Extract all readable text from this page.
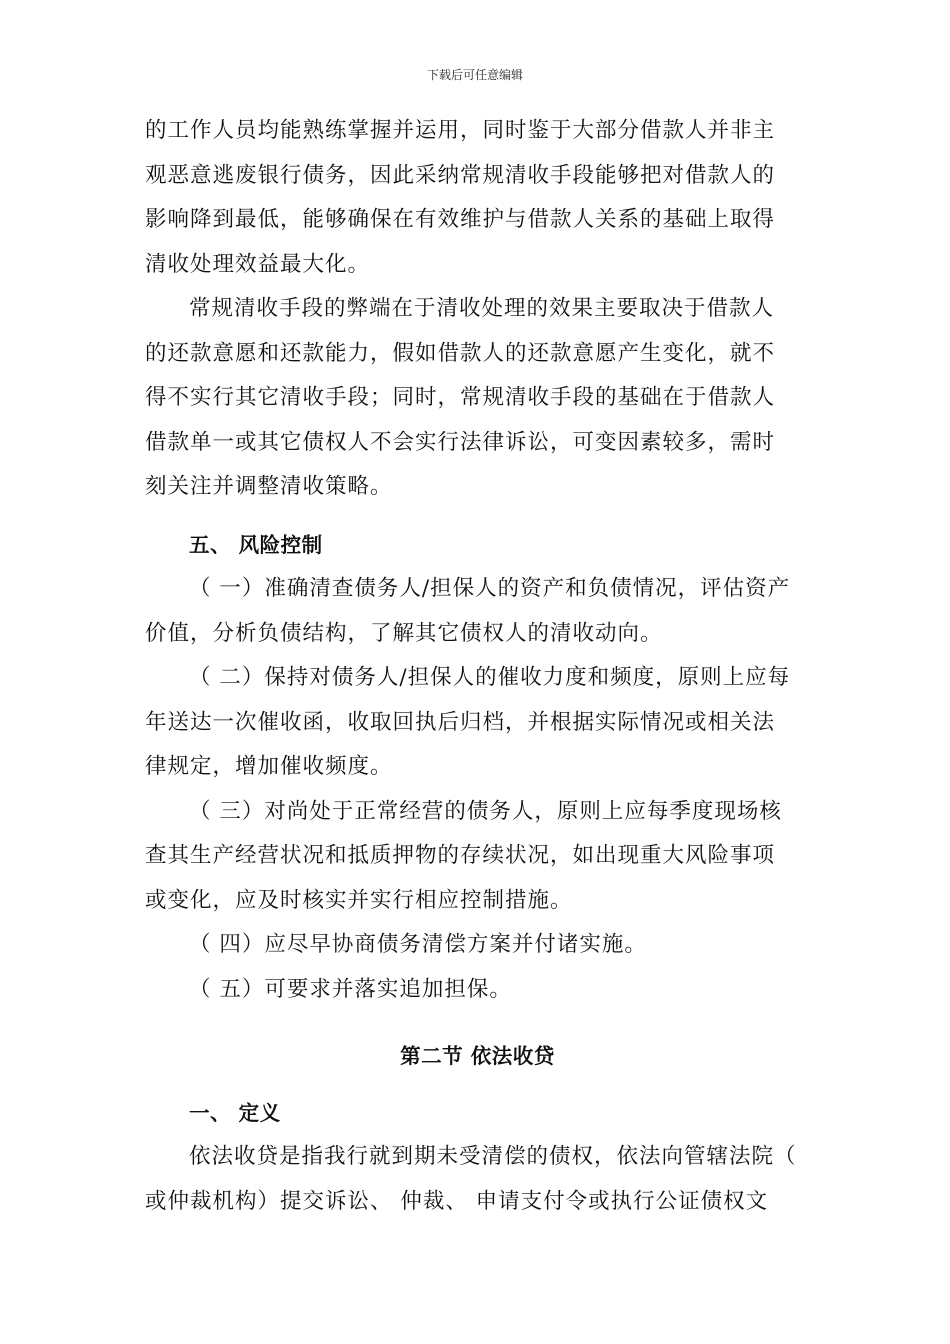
下载后可任意编辑
的工作人员均能熟练掌握并运用，同时鉴于大部分借款人并非主
观恶意逃废银行债务，因此采纳常规清收手段能够把对借款人的
影响降到最低，能够确保在有效维护与借款人关系的基础上取得
清收处理效益最大化。
常规清收手段的弊端在于清收处理的效果主要取决于借款人
的还款意愿和还款能力，假如借款人的还款意愿产生变化，就不
得不实行其它清收手段；同时，常规清收手段的基础在于借款人
借款单一或其它债权人不会实行法律诉讼，可变因素较多，需时
刻关注并调整清收策略。
五、 风险控制
（ 一）准确清查债务人/担保人的资产和负债情况，评估资产
价值，分析负债结构，了解其它债权人的清收动向。
（ 二）保持对债务人/担保人的催收力度和频度，原则上应每
年送达一次催收函，收取回执后归档，并根据实际情况或相关法
律规定，增加催收频度。
（ 三）对尚处于正常经营的债务人，原则上应每季度现场核
查其生产经营状况和抵质押物的存续状况，如出现重大风险事项
或变化，应及时核实并实行相应控制措施。
（ 四）应尽早协商债务清偿方案并付诸实施。
（ 五）可要求并落实追加担保。
第二节 依法收贷
一、 定义
依法收贷是指我行就到期未受清偿的债权，依法向管辖法院（
或仲裁机构）提交诉讼、 仲裁、 申请支付令或执行公证债权文
